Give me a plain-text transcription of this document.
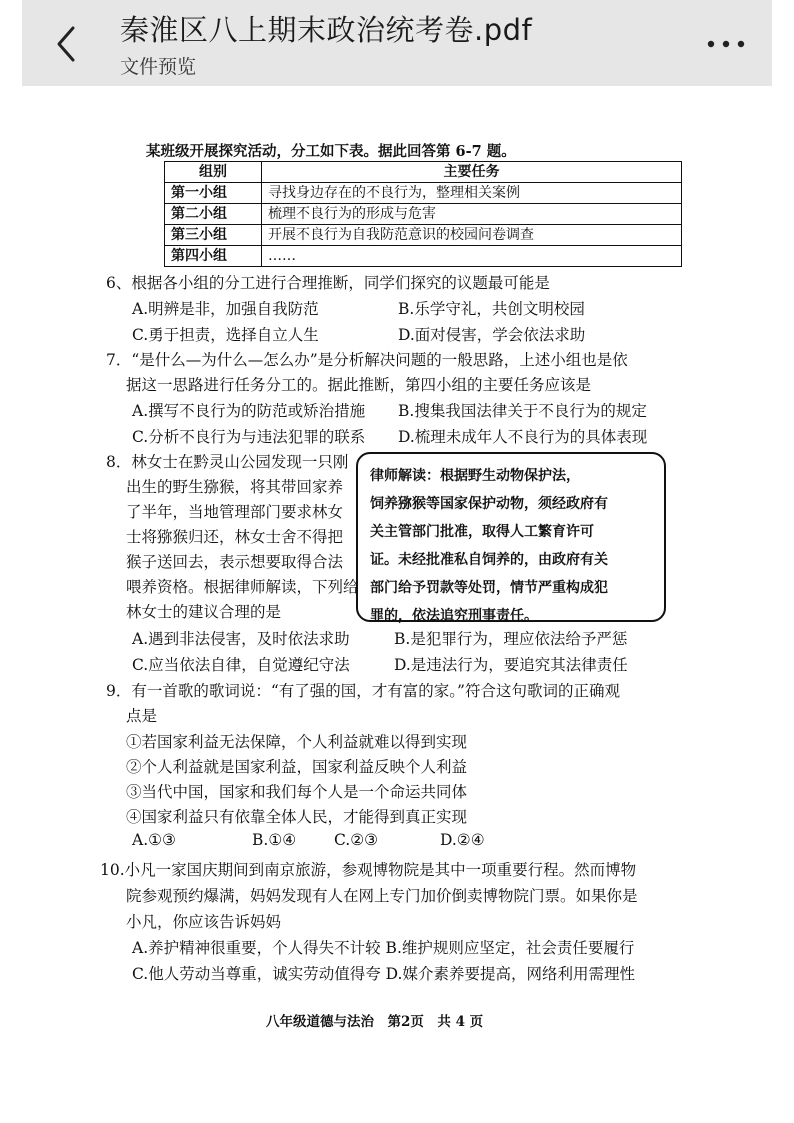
秦淮区八上期末政治统考卷.pdf
文件预览
某班级开展探究活动，分工如下表。据此回答第 6-7 题。
组别	主要任务
第一小组	寻找身边存在的不良行为，整理相关案例
第二小组	梳理不良行为的形成与危害
第三小组	开展不良行为自我防范意识的校园问卷调查
第四小组	……
6、根据各小组的分工进行合理推断，同学们探究的议题最可能是
A.明辨是非，加强自我防范	B.乐学守礼，共创文明校园
C.勇于担责，选择自立人生	D.面对侵害，学会依法求助
7．“是什么—为什么—怎么办”是分析解决问题的一般思路，上述小组也是依
据这一思路进行任务分工的。据此推断，第四小组的主要任务应该是
A.撰写不良行为的防范或矫治措施 B.搜集我国法律关于不良行为的规定
C.分析不良行为与违法犯罪的联系 D.梳理未成年人不良行为的具体表现
8．林女士在黔灵山公园发现一只刚
出生的野生猕猴，将其带回家养
了半年，当地管理部门要求林女
士将猕猴归还，林女士舍不得把
猴子送回去，表示想要取得合法
喂养资格。根据律师解读，下列给
林女士的建议合理的是
律师解读：根据野生动物保护法，
饲养猕猴等国家保护动物，须经政府有
关主管部门批准，取得人工繁育许可
证。未经批准私自饲养的，由政府有关
部门给予罚款等处罚，情节严重构成犯
罪的，依法追究刑事责任。
A.遇到非法侵害，及时依法求助	B.是犯罪行为，理应依法给予严惩
C.应当依法自律，自觉遵纪守法	D.是违法行为，要追究其法律责任
9．有一首歌的歌词说：“有了强的国，才有富的家。”符合这句歌词的正确观
点是
①若国家利益无法保障，个人利益就难以得到实现
②个人利益就是国家利益，国家利益反映个人利益
③当代中国，国家和我们每个人是一个命运共同体
④国家利益只有依靠全体人民，才能得到真正实现
A.①③	B.①④ C.②③	D.②④
10.小凡一家国庆期间到南京旅游，参观博物院是其中一项重要行程。然而博物
院参观预约爆满，妈妈发现有人在网上专门加价倒卖博物院门票。如果你是
小凡，你应该告诉妈妈
A.养护精神很重要，个人得失不计较 B.维护规则应坚定，社会责任要履行
C.他人劳动当尊重，诚实劳动值得夸 D.媒介素养要提高，网络利用需理性
八年级道德与法治　第2页　共 4 页
